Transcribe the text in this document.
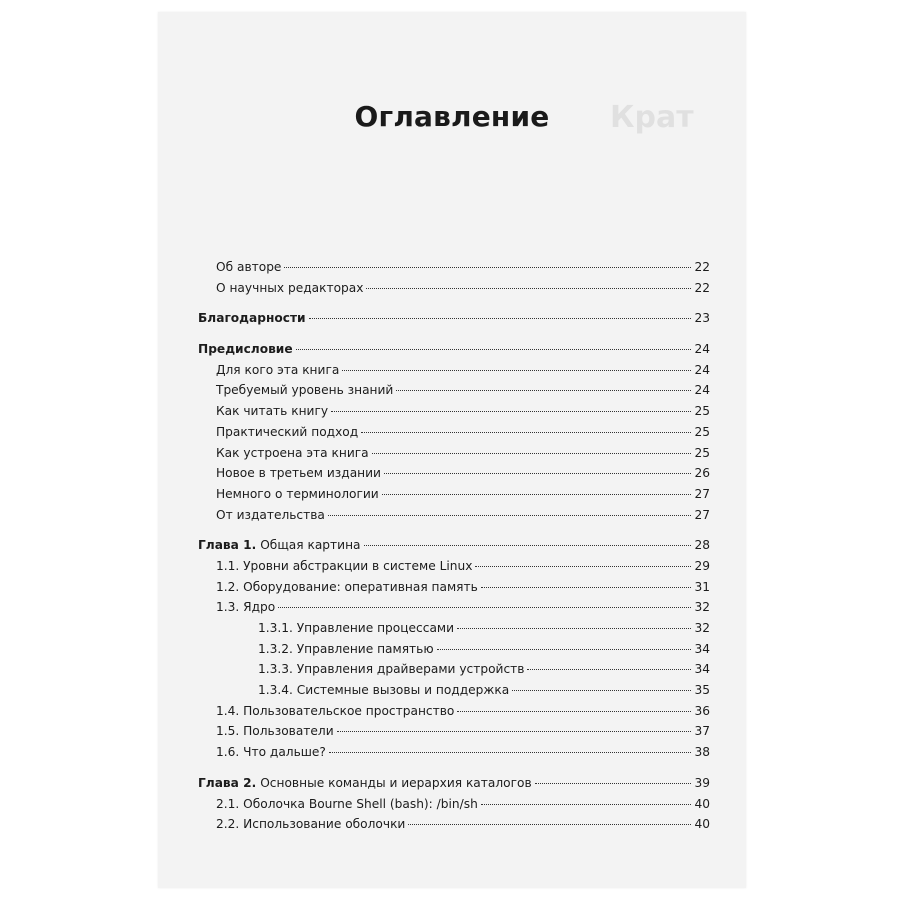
Крат
Оглавление
Об авторе	22
О научных редакторах	22
Благодарности	23
Предисловие	24
Для кого эта книга	24
Требуемый уровень знаний	24
Как читать книгу	25
Практический подход	25
Как устроена эта книга	25
Новое в третьем издании	26
Немного о терминологии	27
От издательства	27
Глава 1. Общая картина	28
1.1. Уровни абстракции в системе Linux	29
1.2. Оборудование: оперативная память	31
1.3. Ядро	32
1.3.1. Управление процессами	32
1.3.2. Управление памятью	34
1.3.3. Управления драйверами устройств	34
1.3.4. Системные вызовы и поддержка	35
1.4. Пользовательское пространство	36
1.5. Пользователи	37
1.6. Что дальше?	38
Глава 2. Основные команды и иерархия каталогов	39
2.1. Оболочка Bourne Shell (bash): /bin/sh	40
2.2. Использование оболочки	40
